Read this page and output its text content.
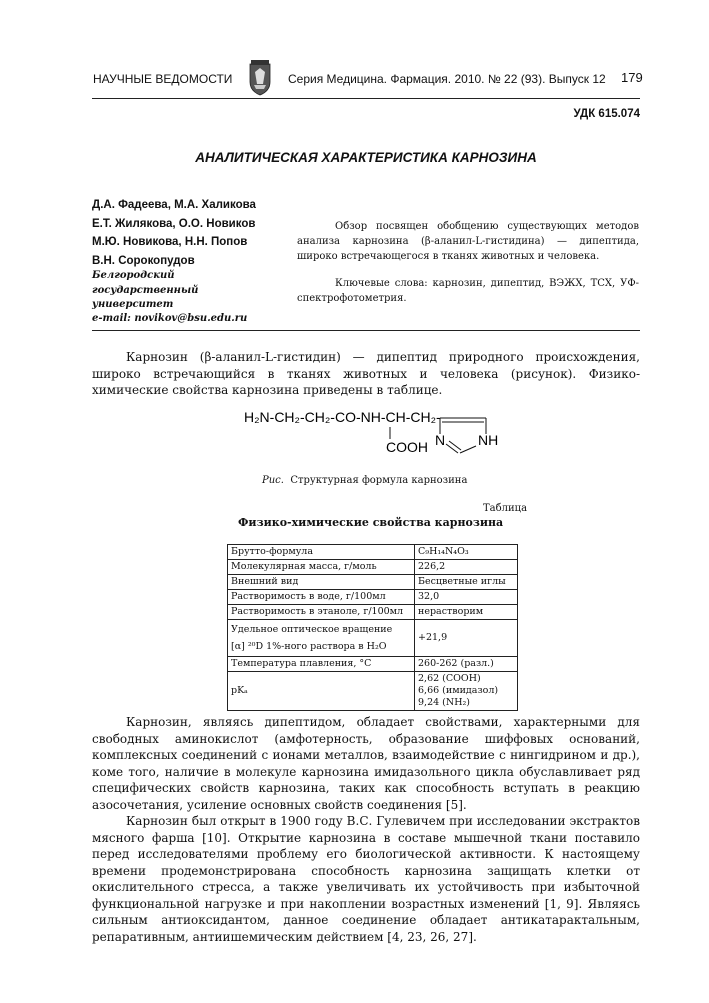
НАУЧНЫЕ ВЕДОМОСТИ	Серия Медицина. Фармация. 2010. № 22 (93). Выпуск 12 179
УДК 615.074
АНАЛИТИЧЕСКАЯ ХАРАКТЕРИСТИКА КАРНОЗИНА
Д.А. Фадеева, М.А. Халикова
Е.Т. Жилякова, О.О. Новиков
М.Ю. Новикова, Н.Н. Попов
В.Н. Сорокопудов
Белгородский
государственный
университет
e-mail: novikov@bsu.edu.ru

Обзор посвящен обобщению существующих методов анализа карнозина (β-аланил-L-гистидина) — дипептида, широко встречающегося в тканях животных и человека.

Ключевые слова: карнозин, дипептид, ВЭЖХ, ТСХ, УФ-спектрофотометрия.

Карнозин (β-аланил-L-гистидин) — дипептид природного происхождения, широко встречающийся в тканях животных и человека (рисунок). Физико-химические свойства карнозина приведены в таблице.

H₂N-CH₂-CH₂-CO-NH-CH-CH₂-
COOH N NH
Рис. Структурная формула карнозина
Таблица
Физико-химические свойства карнозина
Брутто-формула	C₉H₁₄N₄O₃
Молекулярная масса, г/моль	226,2
Внешний вид	Бесцветные иглы
Растворимость в воде, г/100мл	32,0
Растворимость в этаноле, г/100мл	нерастворим
Удельное оптическое вращение
[α] ²⁰D 1%-ного раствора в H₂O	+21,9
Температура плавления, °С	260-262 (разл.)
pKₐ	2,62 (COOH)
6,66 (имидазол)
9,24 (NH₂)

Карнозин, являясь дипептидом, обладает свойствами, характерными для свободных аминокислот (амфотерность, образование шиффовых оснований, комплексных соединений с ионами металлов, взаимодействие с нингидрином и др.), коме того, наличие в молекуле карнозина имидазольного цикла обуславливает ряд специфических свойств карнозина, таких как способность вступать в реакцию азосочетания, усиление основных свойств соединения [5].

Карнозин был открыт в 1900 году В.С. Гулевичем при исследовании экстрактов мясного фарша [10]. Открытие карнозина в составе мышечной ткани поставило перед исследователями проблему его биологической активности. К настоящему времени продемонстрирована способность карнозина защищать клетки от окислительного стресса, а также увеличивать их устойчивость при избыточной функциональной нагрузке и при накоплении возрастных изменений [1, 9]. Являясь сильным антиоксидантом, данное соединение обладает антикатарактальным, репаративным, антиишемическим действием [4, 23, 26, 27].
